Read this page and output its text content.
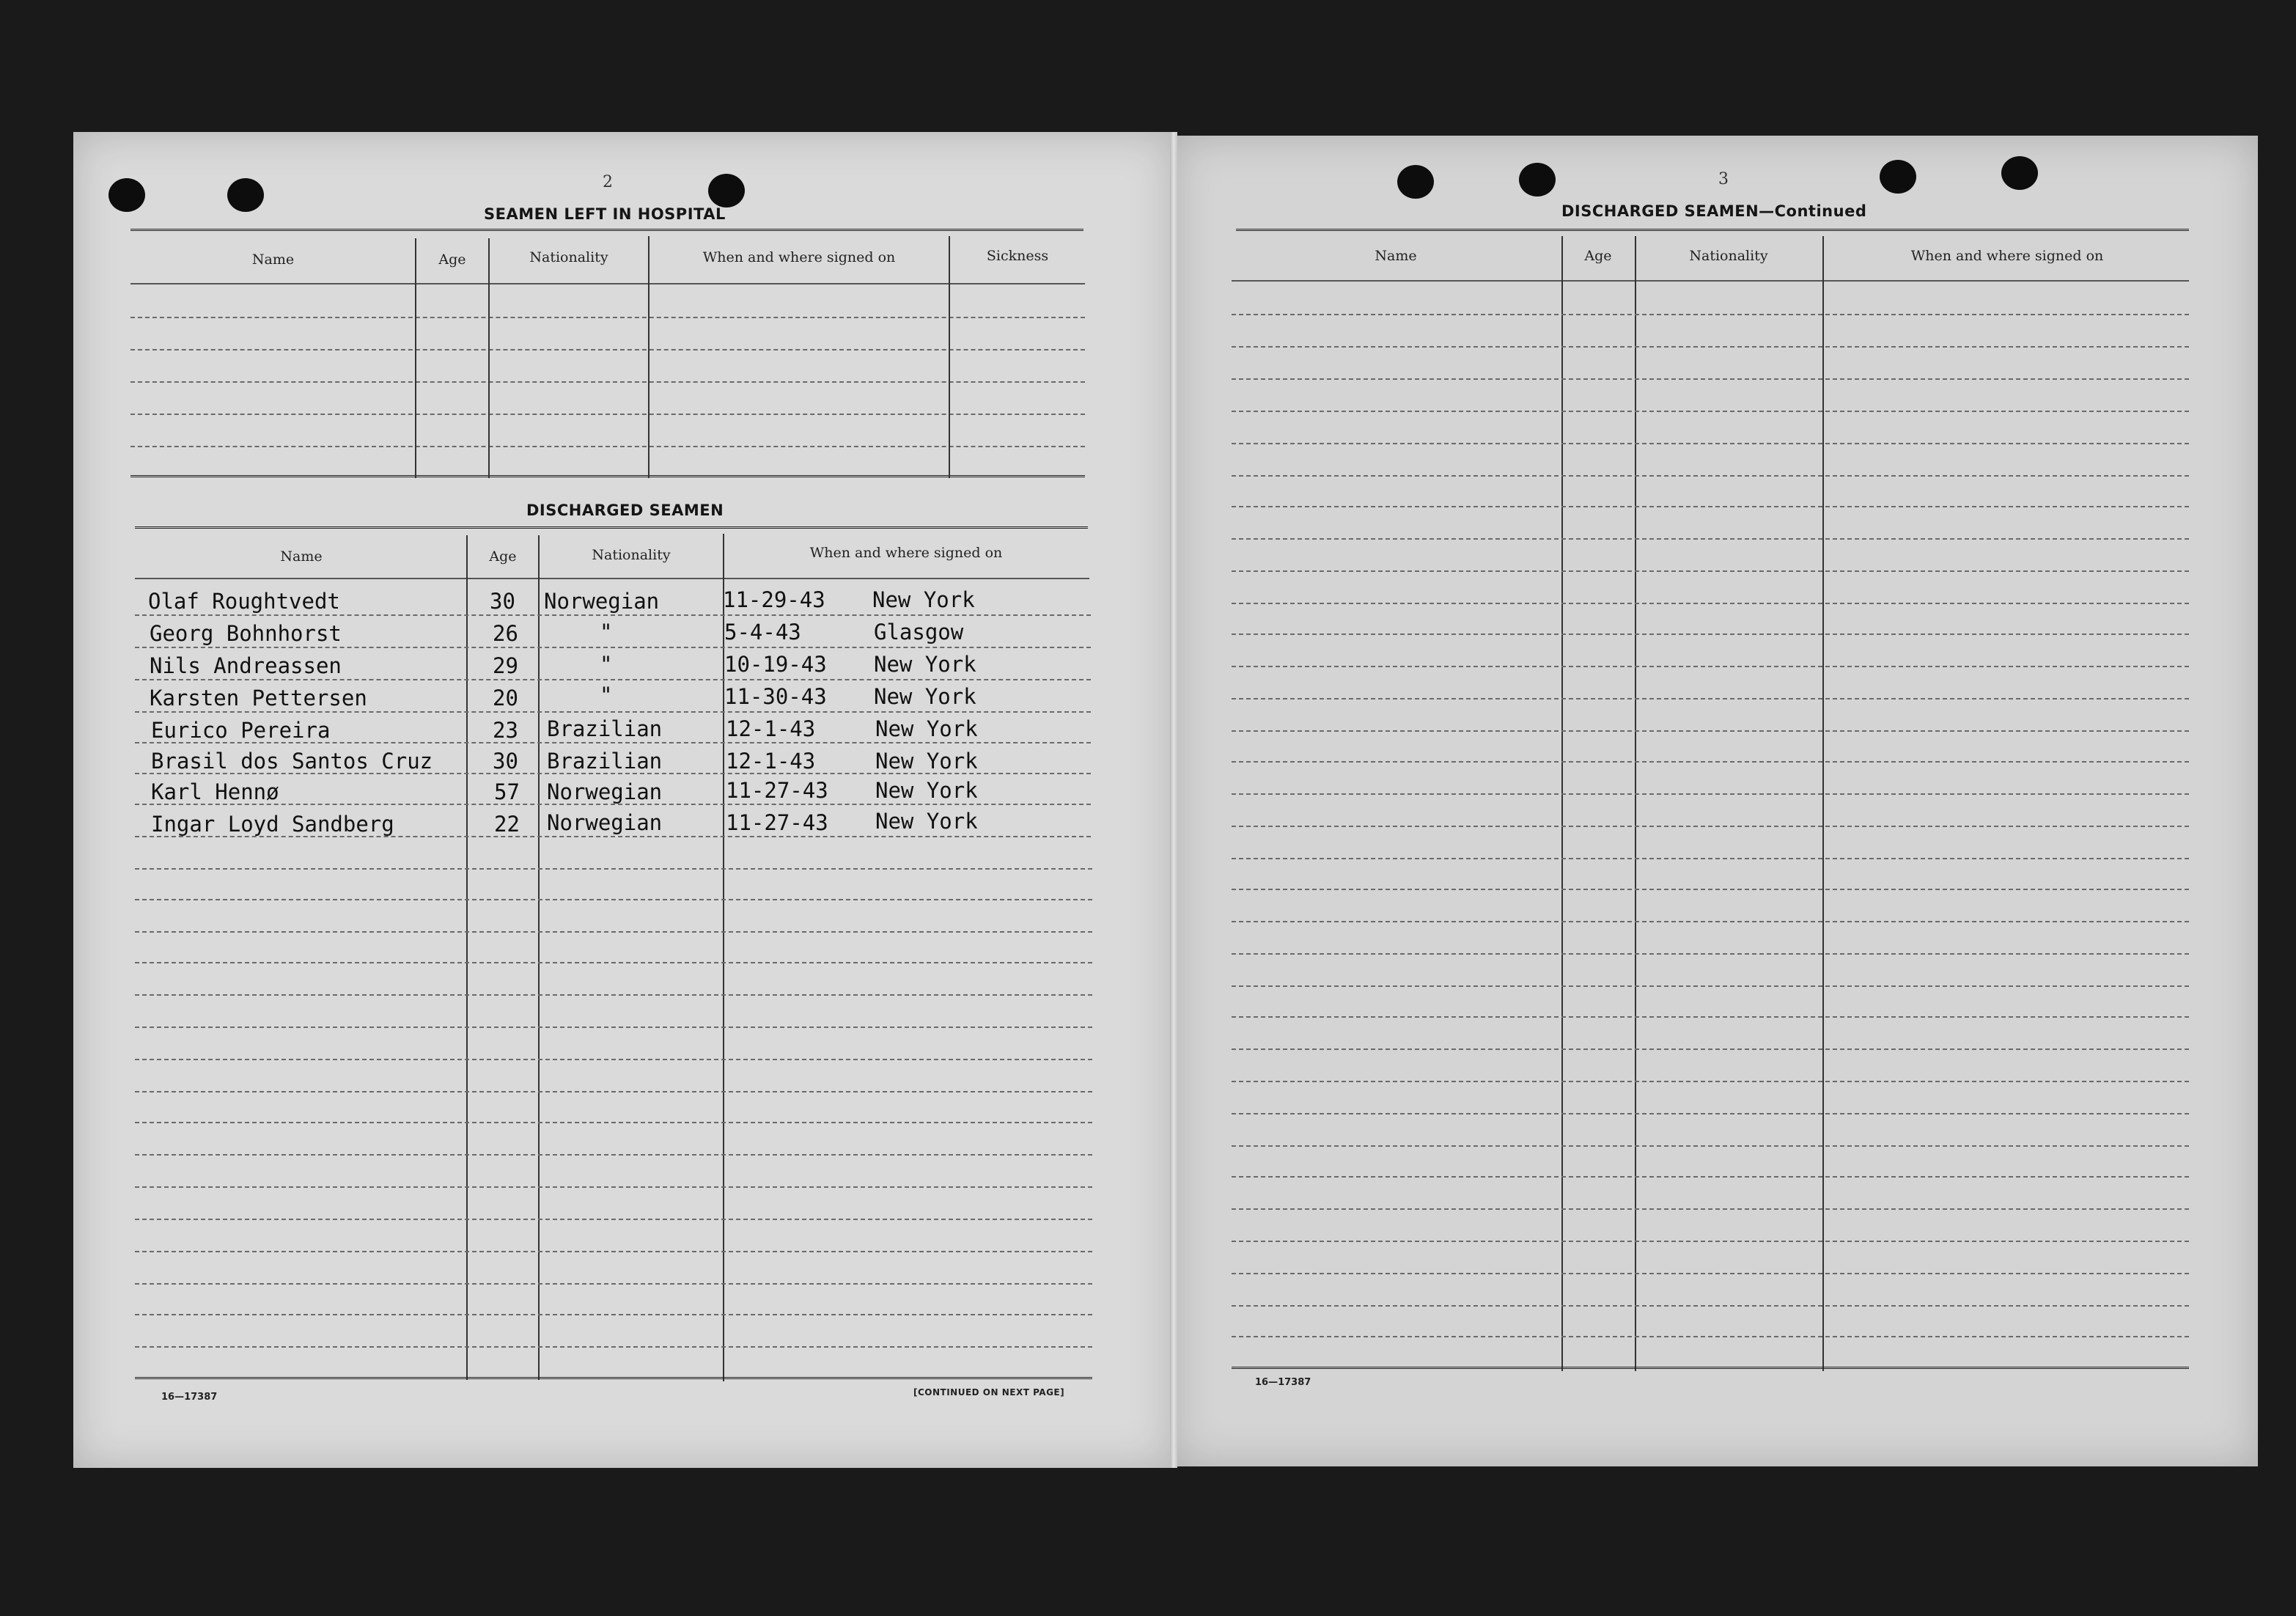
2
SEAMEN LEFT IN HOSPITAL
Name	Age	Nationality	When and where signed on	Sickness
DISCHARGED SEAMEN
Name	Age	Nationality	When and where signed on
Olaf Roughtvedt	30 Norwegian	11-29-43 New York
Georg Bohnhorst	26	"	5-4-43	Glasgow
Nils Andreassen	29	"	10-19-43 New York
Karsten Pettersen	20	"	11-30-43 New York
Eurico Pereira	23 Brazilian	12-1-43	New York
Brasil dos Santos Cruz	30 Brazilian	12-1-43	New York
Karl Hennø	57 Norwegian	11-27-43 New York
Ingar Loyd Sandberg	22 Norwegian	11-27-43 New York
16—17387	[CONTINUED ON NEXT PAGE]
3
DISCHARGED SEAMEN—Continued
Name	Age	Nationality	When and where signed on
16—17387
